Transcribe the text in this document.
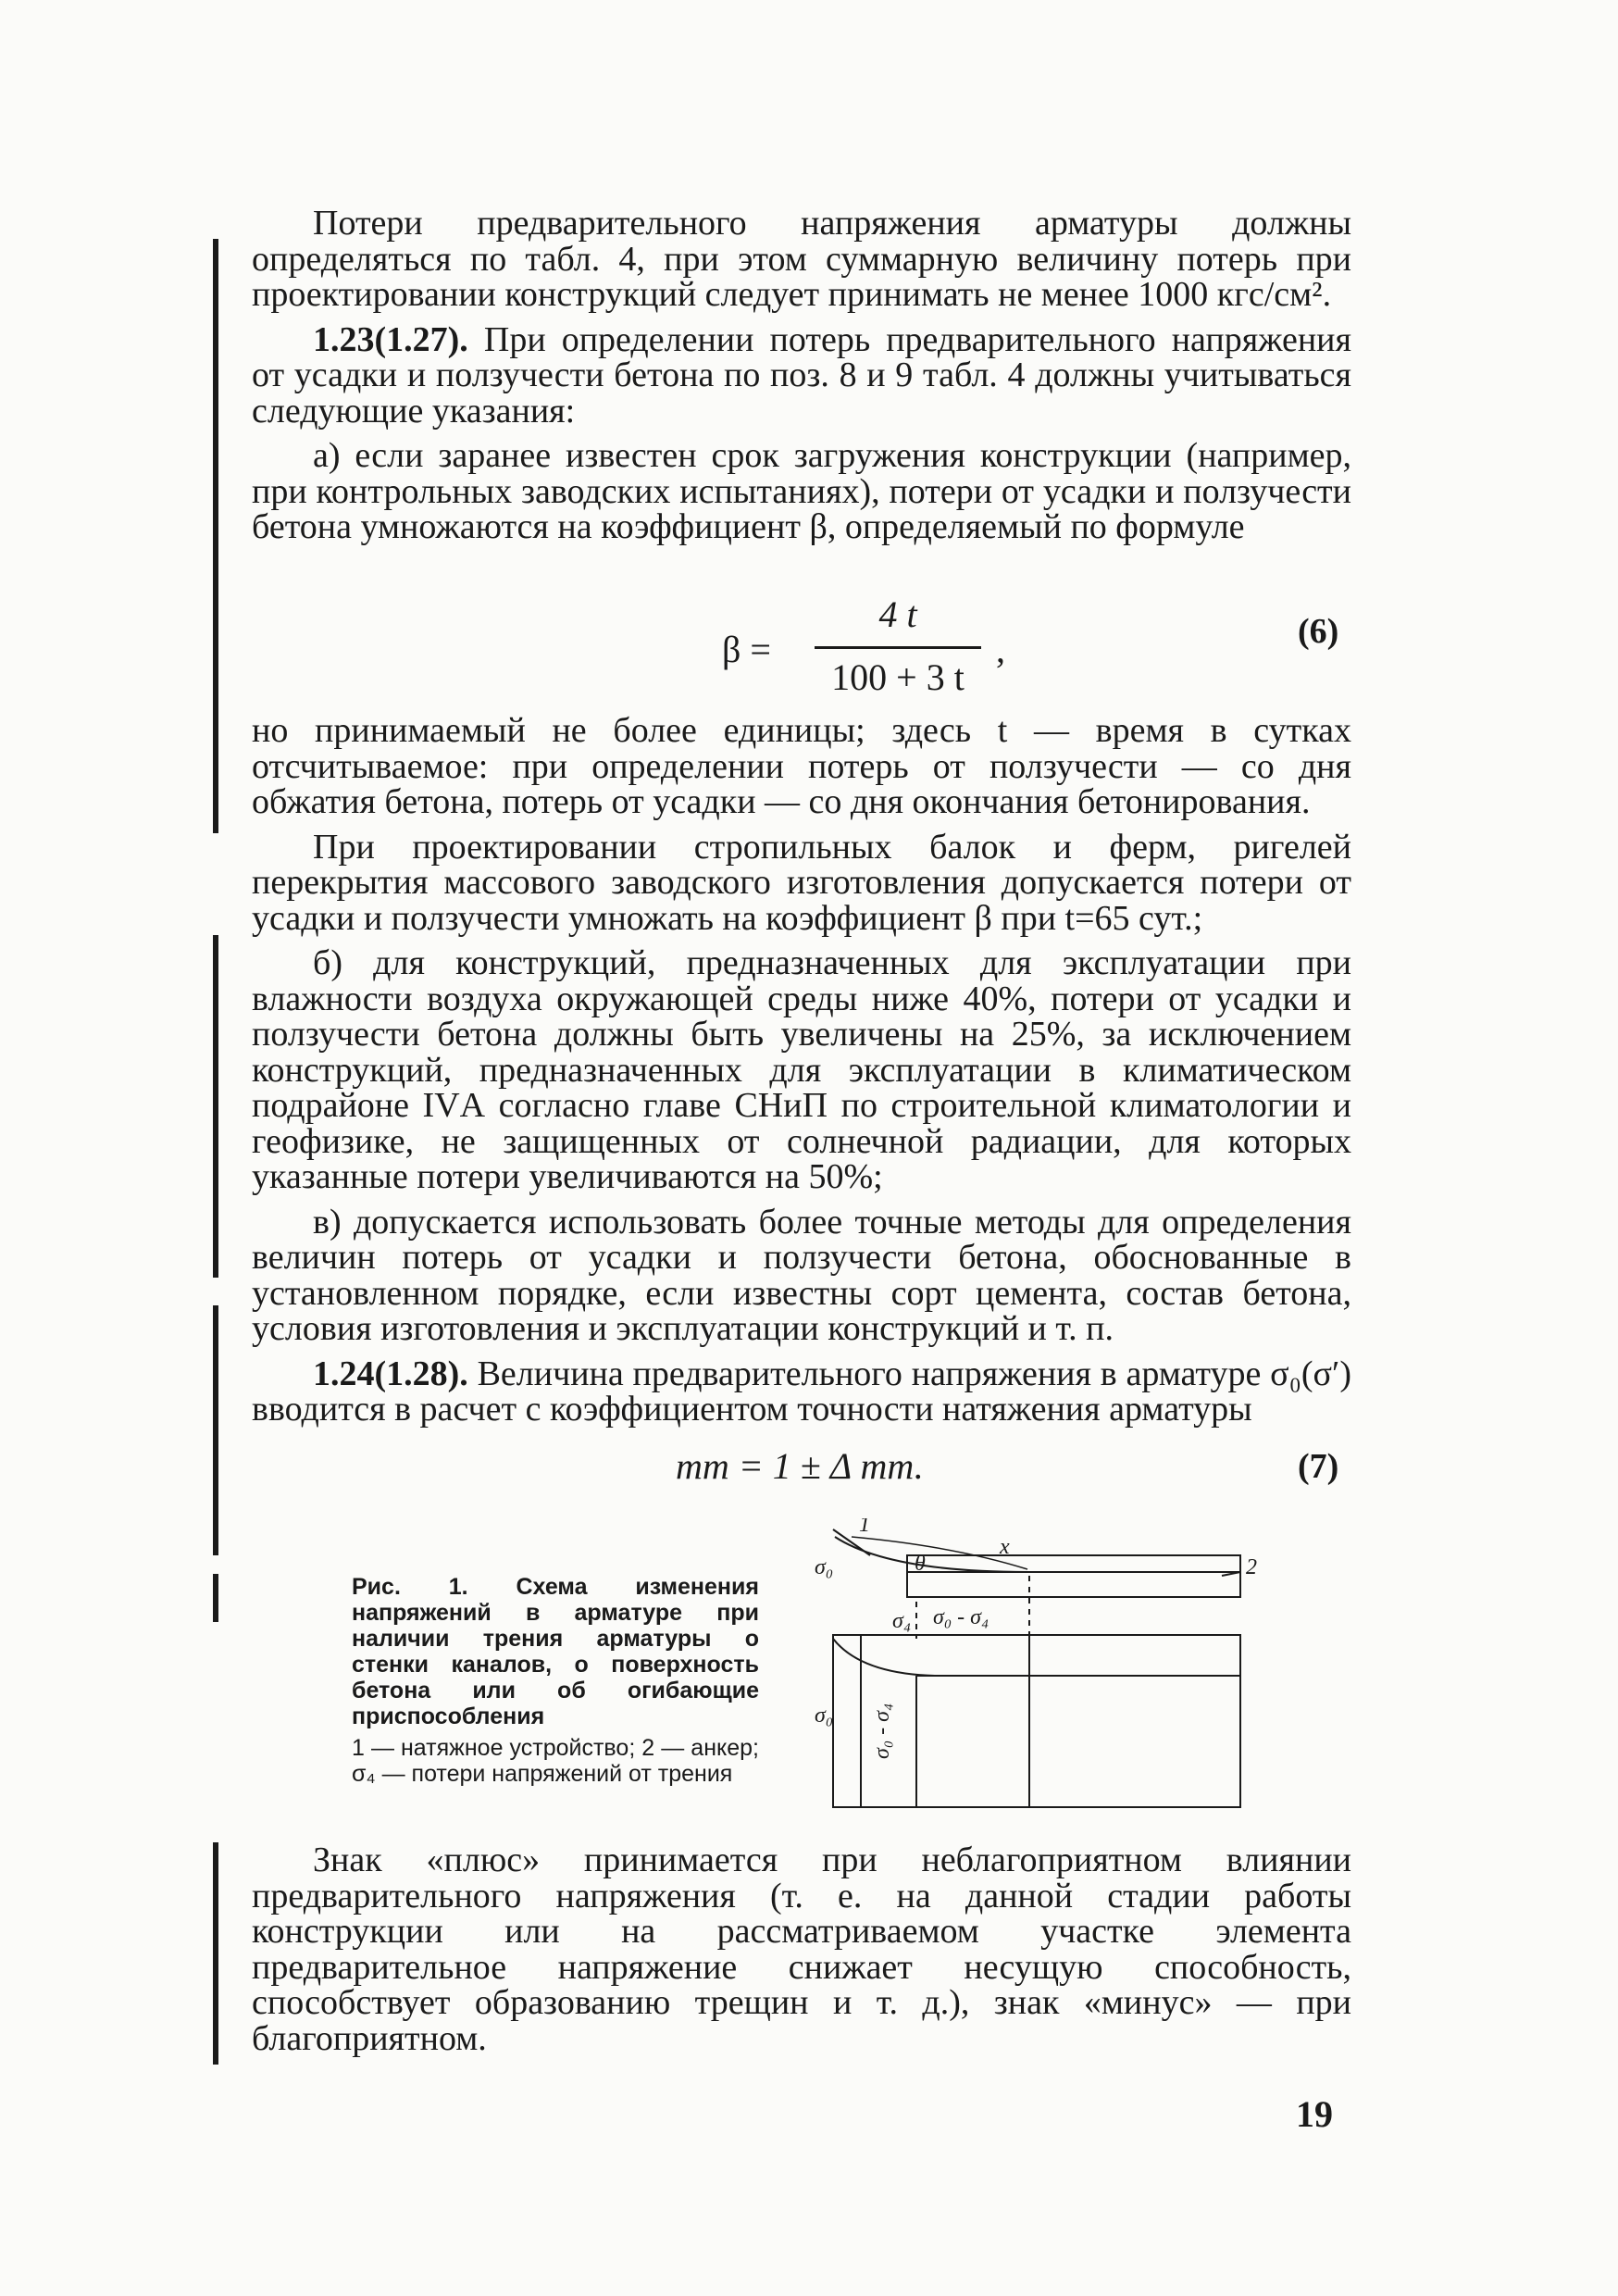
Потери предварительного напряжения арматуры должны определяться по табл. 4, при этом суммарную величину потерь при проектировании конструкций следует принимать не менее 1000 кгс/см².

1.23(1.27). При определении потерь предварительного напряжения от усадки и ползучести бетона по поз. 8 и 9 табл. 4 должны учитываться следующие указания:

а) если заранее известен срок загружения конструкции (например, при контрольных заводских испытаниях), потери от усадки и ползучести бетона умножаются на коэффициент β, определяемый по формуле

β =
4 t
100 + 3 t
,	(6)

но принимаемый не более единицы; здесь t — время в сутках отсчитываемое: при определении потерь от ползучести — со дня обжатия бетона, потерь от усадки — со дня окончания бетонирования.

При проектировании стропильных балок и ферм, ригелей перекрытия массового заводского изготовления допускается потери от усадки и ползучести умножать на коэффициент β при t=65 сут.;

б) для конструкций, предназначенных для эксплуатации при влажности воздуха окружающей среды ниже 40%, потери от усадки и ползучести бетона должны быть увеличены на 25%, за исключением конструкций, предназначенных для эксплуатации в климатическом подрайоне IVА согласно главе СНиП по строительной климатологии и геофизике, не защищенных от солнечной радиации, для которых указанные потери увеличиваются на 50%;

в) допускается использовать более точные методы для определения величин потерь от усадки и ползучести бетона, обоснованные в установленном порядке, если известны сорт цемента, состав бетона, условия изготовления и эксплуатации конструкций и т. п.

1.24(1.28). Величина предварительного напряжения в арматуре σ₀(σ′) вводится в расчет с коэффициентом точности натяжения арматуры

mт = 1 ± Δ mт.	(7)
Рис. 1. Схема изменения напряжений в арматуре при наличии трения арматуры о стенки каналов, о поверхность бетона или об огибающие приспособления
1 — натяжное устройство; 2 — анкер; σ₄ — потери напряжений от трения
1
2
σ₀	θ
x
σ₀ - σ₄
σ₄
σ₀ σ₀ - σ₄

Знак «плюс» принимается при неблагоприятном влиянии предварительного напряжения (т. е. на данной стадии работы конструкции или на рассматриваемом участке элемента предварительное напряжение снижает несущую способность, способствует образованию трещин и т. д.), знак «минус» — при благоприятном.

19
